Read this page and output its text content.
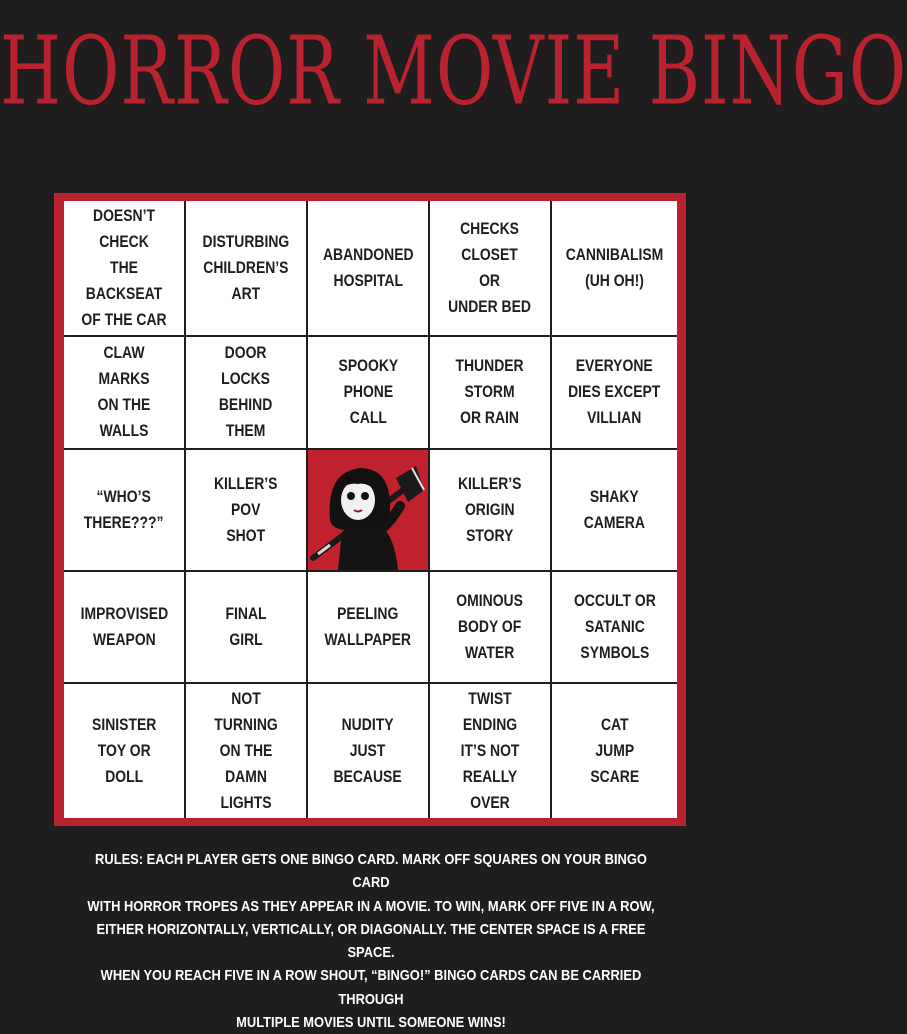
HORROR MOVIE BINGO
DOESN’T
CHECK
THE BACKSEAT
OF THE CAR
DISTURBING
CHILDREN’S
ART
ABANDONED
HOSPITAL
CHECKS
CLOSET
OR
UNDER BED
CANNIBALISM
(UH OH!)
CLAW MARKS
ON THE
WALLS
DOOR
LOCKS
BEHIND
THEM
SPOOKY
PHONE
CALL
THUNDER
STORM
OR RAIN
EVERYONE
DIES EXCEPT
VILLIAN
“WHO’S
THERE???”
KILLER’S
POV
SHOT
KILLER’S
ORIGIN
STORY
SHAKY
CAMERA
IMPROVISED
WEAPON
FINAL
GIRL
PEELING
WALLPAPER
OMINOUS
BODY OF
WATER
OCCULT OR
SATANIC
SYMBOLS
SINISTER
TOY OR
DOLL
NOT TURNING
ON THE
DAMN
LIGHTS
NUDITY
JUST
BECAUSE
TWIST ENDING
IT’S NOT
REALLY OVER
CAT
JUMP
SCARE
RULES: EACH PLAYER GETS ONE BINGO CARD. MARK OFF SQUARES ON YOUR BINGO CARD
WITH HORROR TROPES AS THEY APPEAR IN A MOVIE. TO WIN, MARK OFF FIVE IN A ROW,
EITHER HORIZONTALLY, VERTICALLY, OR DIAGONALLY. THE CENTER SPACE IS A FREE SPACE.
WHEN YOU REACH FIVE IN A ROW SHOUT, “BINGO!” BINGO CARDS CAN BE CARRIED THROUGH
MULTIPLE MOVIES UNTIL SOMEONE WINS!
